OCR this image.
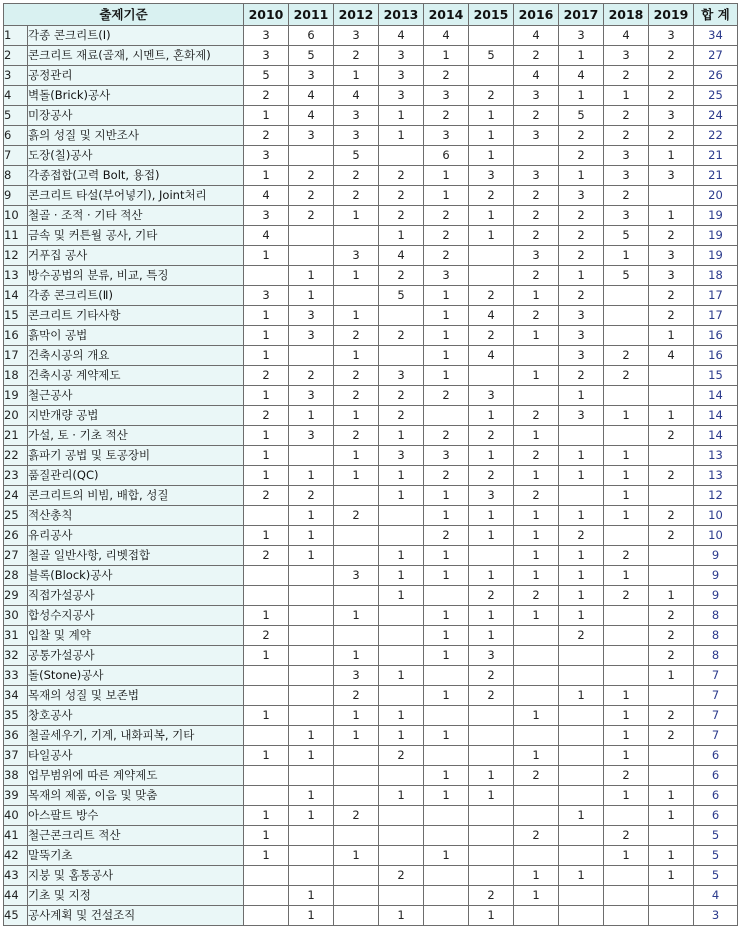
출제기준		2010	2011	2012	2013	2014	2015	2016	2017	2018	2019	합 계
1	각종 콘크리트(Ⅰ)	3	6	3	4	4		4	3	4	3	34
2	콘크리트 재료(골재, 시멘트, 혼화제)	3	5	2	3	1	5	2	1	3	2	27
3	공정관리	5	3	1	3	2		4	4	2	2	26
4	벽돌(Brick)공사	2	4	4	3	3	2	3	1	1	2	25
5	미장공사	1	4	3	1	2	1	2	5	2	3	24
6	흙의 성질 및 지반조사	2	3	3	1	3	1	3	2	2	2	22
7	도장(칠)공사	3		5		6	1		2	3	1	21
8	각종접합(고력 Bolt, 용접)	1	2	2	2	1	3	3	1	3	3	21
9	콘크리트 타설(부어넣기), Joint처리	4	2	2	2	1	2	2	3	2		20
10	철골 · 조적 · 기타 적산	3	2	1	2	2	1	2	2	3	1	19
11	금속 및 커튼월 공사, 기타	4			1	2	1	2	2	5	2	19
12	거푸집 공사	1		3	4	2		3	2	1	3	19
13	방수공법의 분류, 비교, 특징		1	1	2	3		2	1	5	3	18
14	각종 콘크리트(Ⅱ)	3	1		5	1	2	1	2		2	17
15	콘크리트 기타사항	1	3	1		1	4	2	3		2	17
16	흙막이 공법	1	3	2	2	1	2	1	3		1	16
17	건축시공의 개요	1		1		1	4		3	2	4	16
18	건축시공 계약제도	2	2	2	3	1		1	2	2		15
19	철근공사	1	3	2	2	2	3		1			14
20	지반개량 공법	2	1	1	2		1	2	3	1	1	14
21	가설, 토 · 기초 적산	1	3	2	1	2	2	1			2	14
22	흙파기 공법 및 토공장비	1		1	3	3	1	2	1	1		13
23	품질관리(QC)	1	1	1	1	2	2	1	1	1	2	13
24	콘크리트의 비빔, 배합, 성질	2	2		1	1	3	2		1		12
25	적산총칙		1	2		1	1	1	1	1	2	10
26	유리공사	1	1			2	1	1	2		2	10
27	철골 일반사항, 리벳접합	2	1		1	1		1	1	2		9
28	블록(Block)공사			3	1	1	1	1	1	1		9
29	직접가설공사				1		2	2	1	2	1	9
30	합성수지공사	1		1		1	1	1	1		2	8
31	입찰 및 계약	2				1	1		2		2	8
32	공통가설공사	1		1		1	3				2	8
33	돌(Stone)공사			3	1		2				1	7
34	목재의 성질 및 보존법			2		1	2		1	1		7
35	창호공사	1		1	1			1		1	2	7
36	철골세우기, 기계, 내화피복, 기타		1	1	1	1				1	2	7
37	타일공사	1	1		2			1		1		6
38	업무범위에 따른 계약제도					1	1	2		2		6
39	목재의 제품, 이음 및 맞춤		1		1	1	1			1	1	6
40	아스팔트 방수	1	1	2					1		1	6
41	철근콘크리트 적산	1						2		2		5
42	말뚝기초	1		1		1				1	1	5
43	지붕 및 홈통공사				2			1	1		1	5
44	기초 및 지정		1				2	1				4
45	공사계획 및 건설조직		1		1		1					3
